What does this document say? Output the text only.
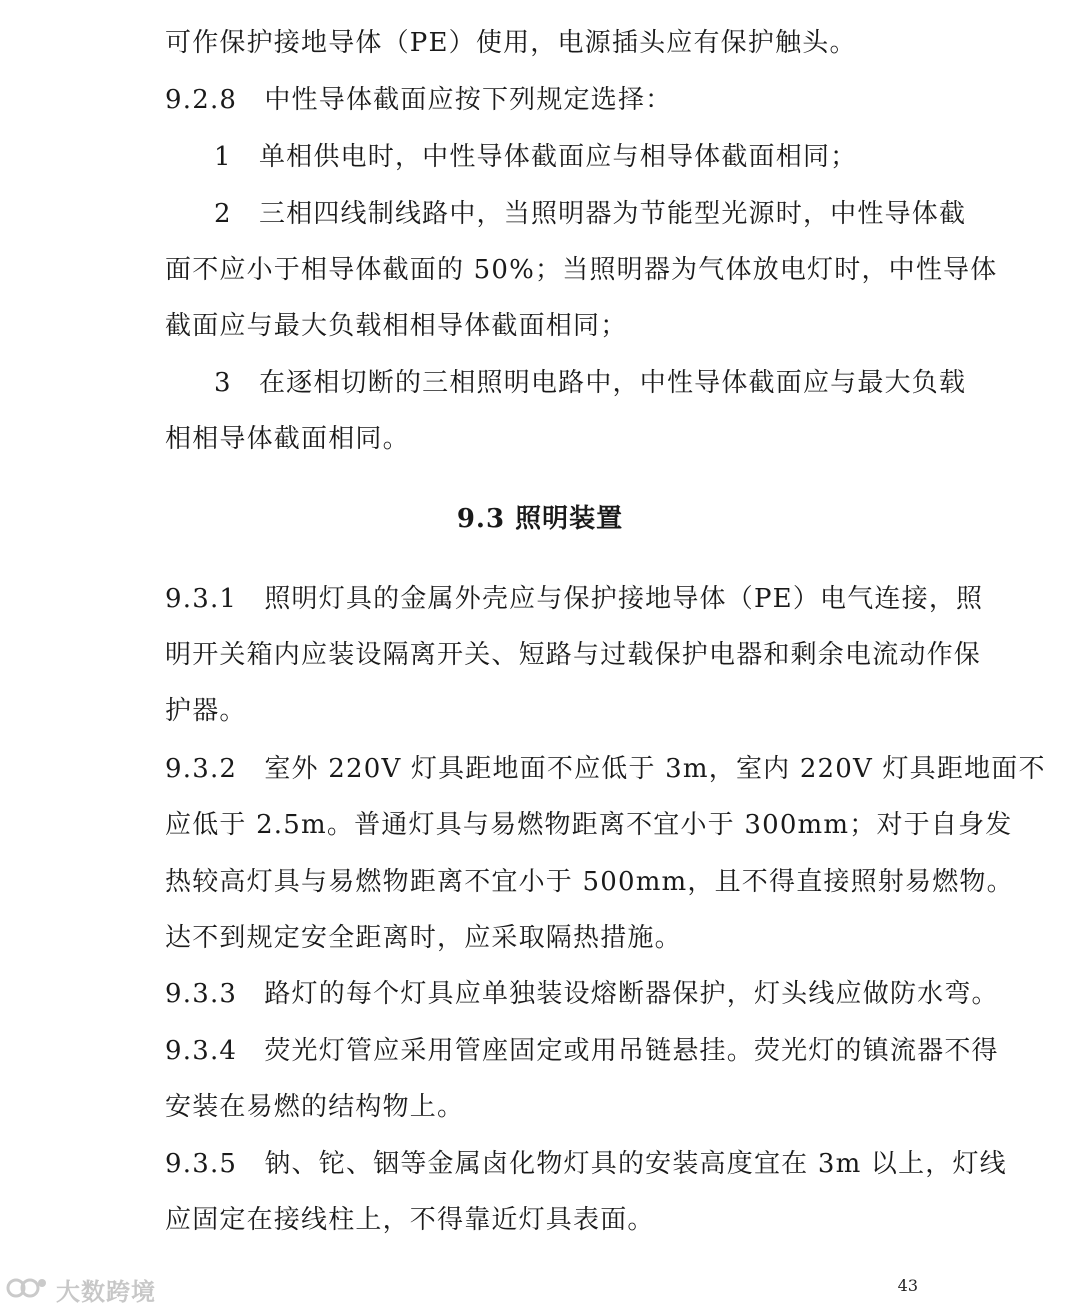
可作保护接地导体（PE）使用，电源插头应有保护触头。
9.2.8　中性导体截面应按下列规定选择：
1　单相供电时，中性导体截面应与相导体截面相同；
2　三相四线制线路中，当照明器为节能型光源时，中性导体截
面不应小于相导体截面的 50%；当照明器为气体放电灯时，中性导体
截面应与最大负载相相导体截面相同；
3　在逐相切断的三相照明电路中，中性导体截面应与最大负载
相相导体截面相同。
9.3 照明装置
9.3.1　照明灯具的金属外壳应与保护接地导体（PE）电气连接，照
明开关箱内应装设隔离开关、短路与过载保护电器和剩余电流动作保
护器。
9.3.2　室外 220V 灯具距地面不应低于 3m，室内 220V 灯具距地面不
应低于 2.5m。普通灯具与易燃物距离不宜小于 300mm；对于自身发
热较高灯具与易燃物距离不宜小于 500mm，且不得直接照射易燃物。
达不到规定安全距离时，应采取隔热措施。
9.3.3　路灯的每个灯具应单独装设熔断器保护，灯头线应做防水弯。
9.3.4　荧光灯管应采用管座固定或用吊链悬挂。荧光灯的镇流器不得
安装在易燃的结构物上。
9.3.5　钠、铊、铟等金属卤化物灯具的安装高度宜在 3m 以上，灯线
应固定在接线柱上，不得靠近灯具表面。
43
大数跨境
